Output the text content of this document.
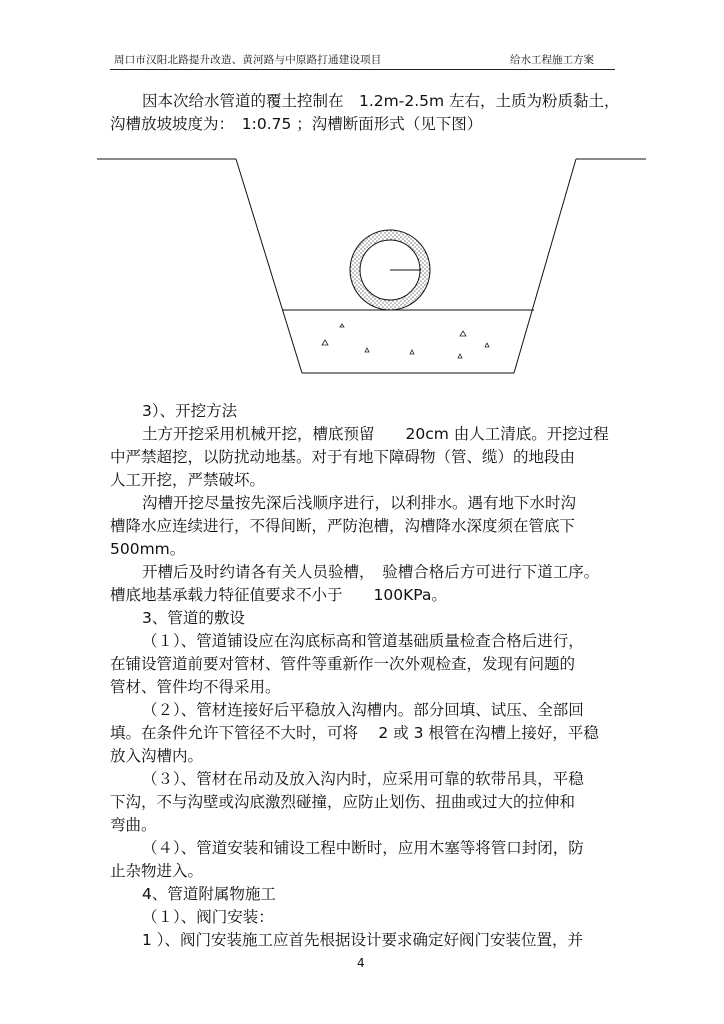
周口市汉阳北路提升改造、黄河路与中原路打通建设项目	给水工程施工方案
因本次给水管道的覆土控制在　1.2m-2.5m 左右，土质为粉质黏土，
沟槽放坡坡度为：　1:0.75 ；沟槽断面形式（见下图）
3）、开挖方法
土方开挖采用机械开挖，槽底预留　　20cm 由人工清底。开挖过程
中严禁超挖，以防扰动地基。对于有地下障碍物（管、缆）的地段由
人工开挖，严禁破坏。
沟槽开挖尽量按先深后浅顺序进行，以利排水。遇有地下水时沟
槽降水应连续进行，不得间断，严防泡槽，沟槽降水深度须在管底下
500mm。
开槽后及时约请各有关人员验槽，　验槽合格后方可进行下道工序。
槽底地基承载力特征值要求不小于　　100KPa。
3、管道的敷设
（１）、管道铺设应在沟底标高和管道基础质量检查合格后进行，
在铺设管道前要对管材、管件等重新作一次外观检查，发现有问题的
管材、管件均不得采用。
（２）、管材连接好后平稳放入沟槽内。部分回填、试压、全部回
填。在条件允许下管径不大时，可将　 2 或 3 根管在沟槽上接好，平稳
放入沟槽内。
（３）、管材在吊动及放入沟内时，应采用可靠的软带吊具，平稳
下沟，不与沟壁或沟底激烈碰撞，应防止划伤、扭曲或过大的拉伸和
弯曲。
（４）、管道安装和铺设工程中断时，应用木塞等将管口封闭，防
止杂物进入。
4、管道附属物施工
（１）、阀门安装：
1 ）、阀门安装施工应首先根据设计要求确定好阀门安装位置，并
4
